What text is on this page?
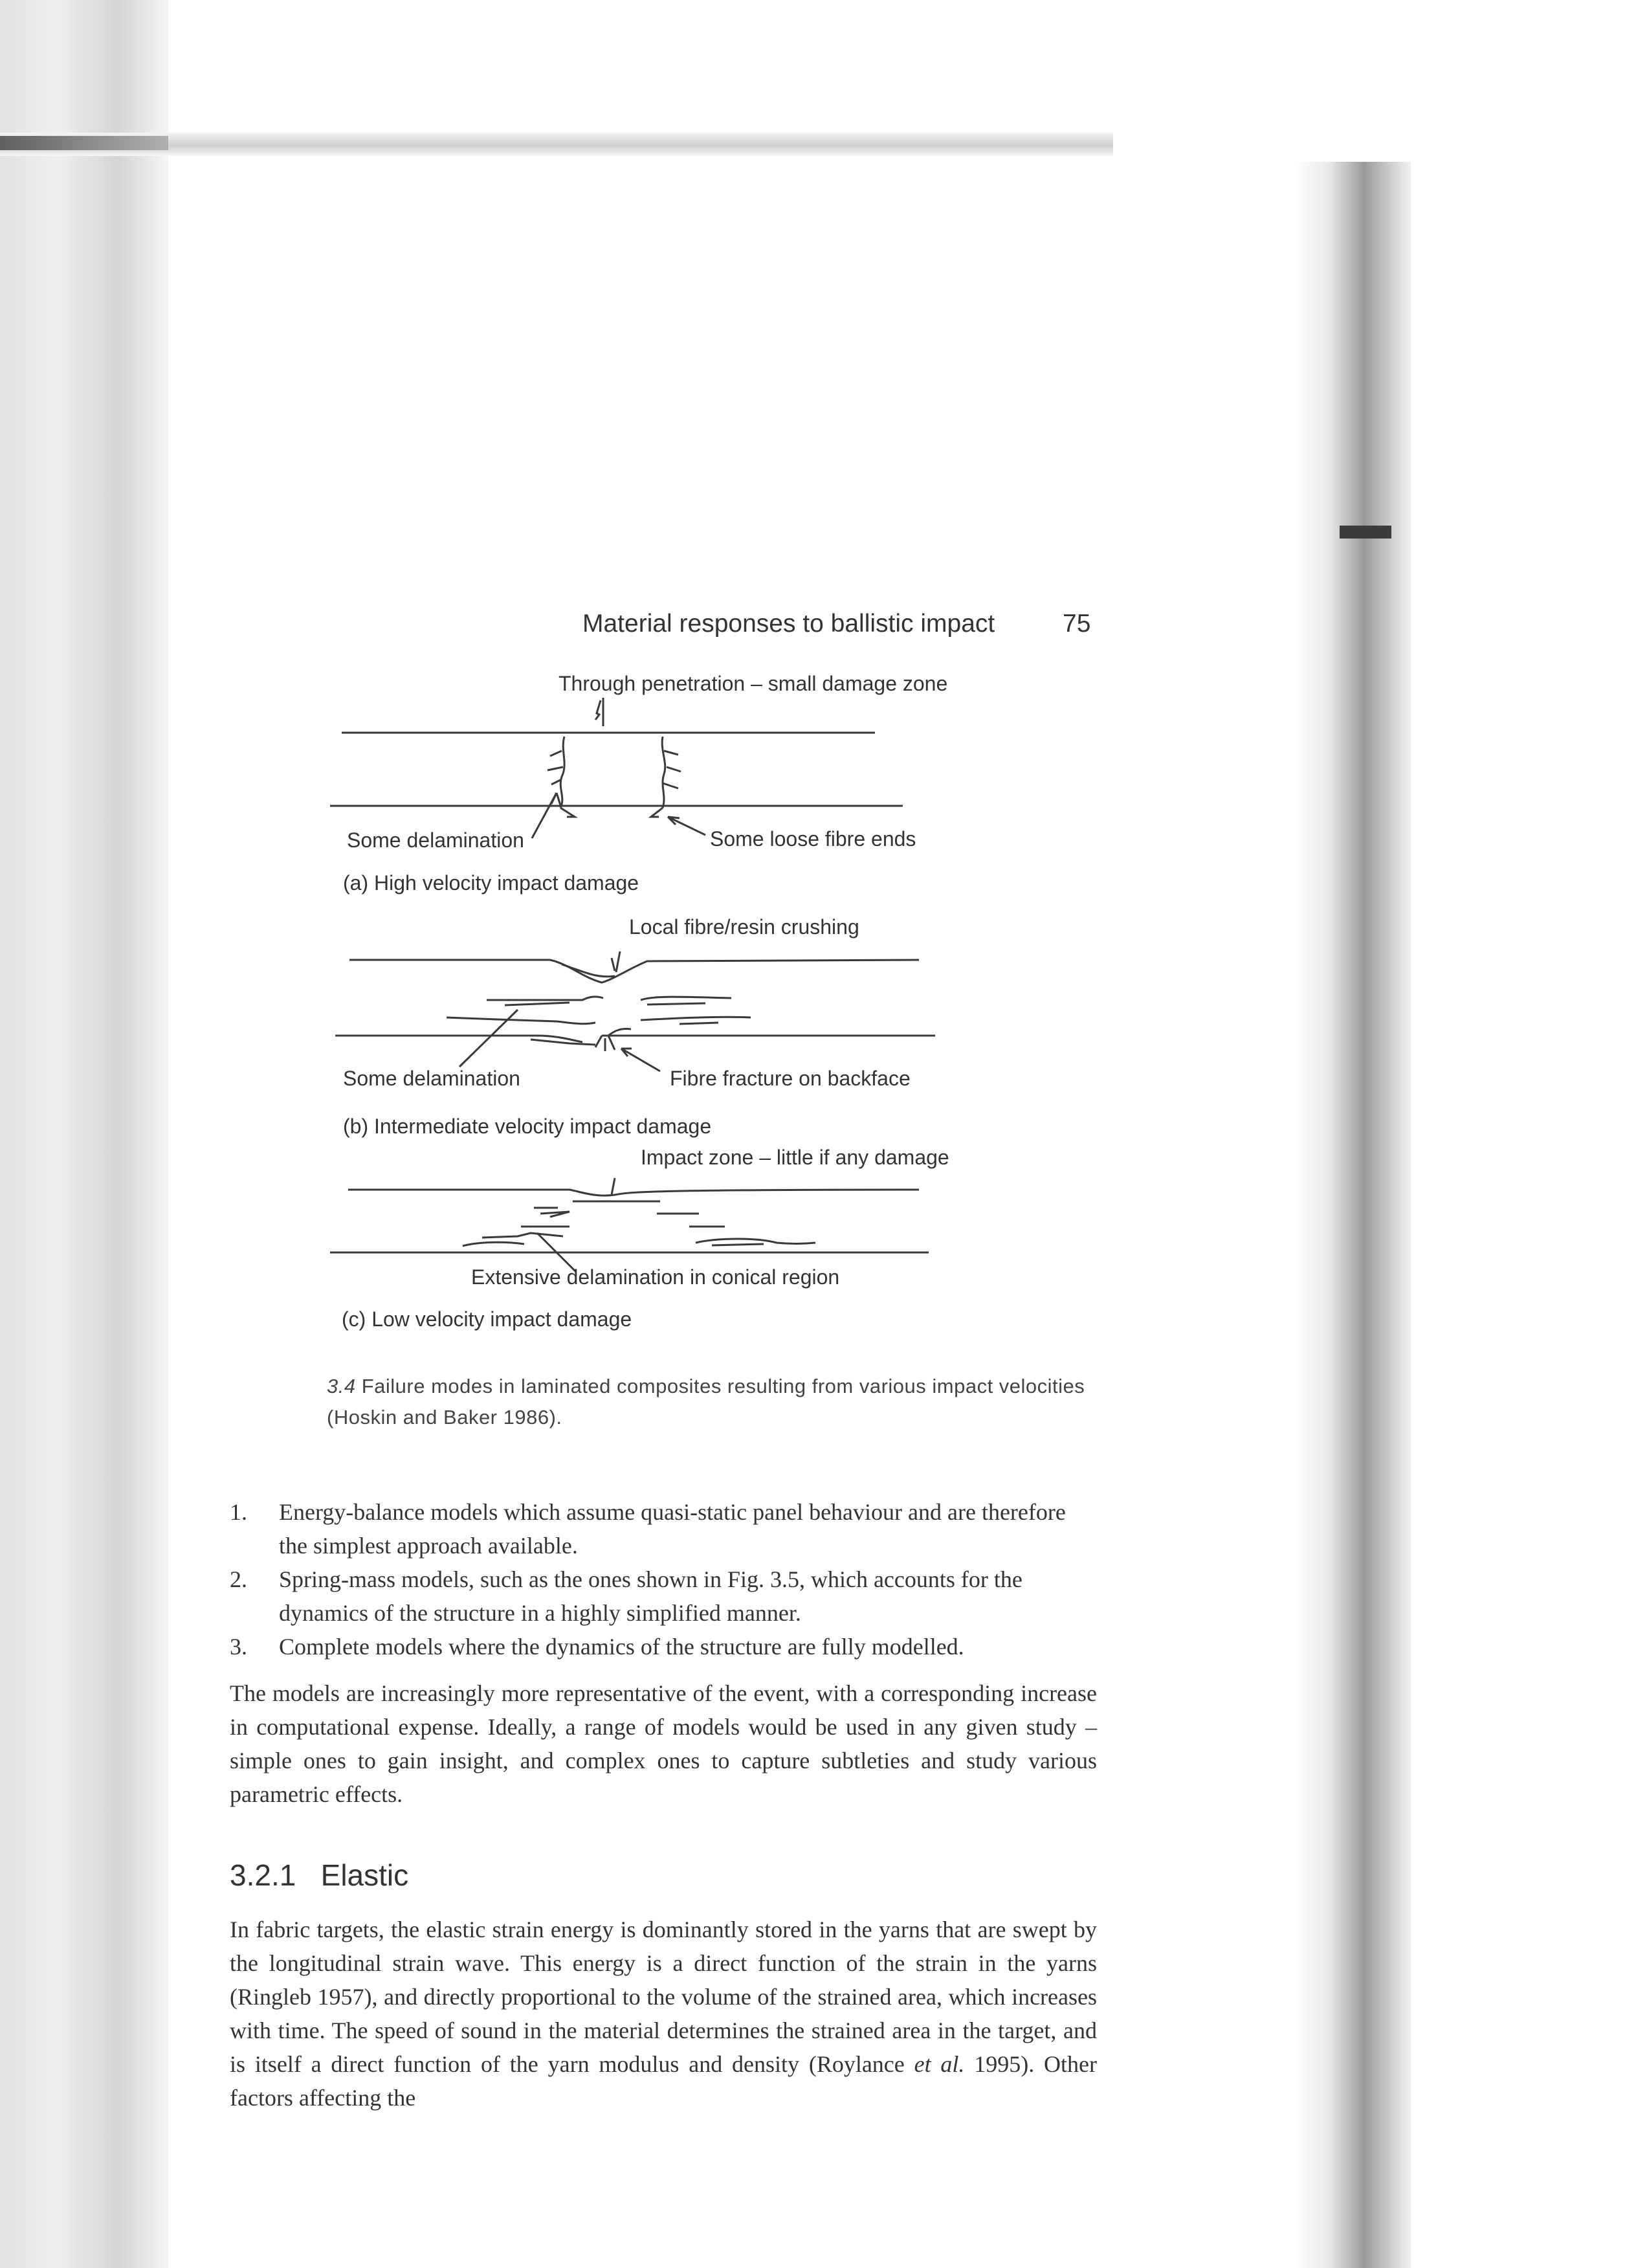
Material responses to ballistic impact	75
Through penetration – small damage zone
Some delamination	Some loose fibre ends
(a) High velocity impact damage
Local fibre/resin crushing
Some delamination	Fibre fracture on backface
(b) Intermediate velocity impact damage
Impact zone – little if any damage
Extensive delamination in conical region
(c) Low velocity impact damage
3.4 Failure modes in laminated composites resulting from various impact velocities (Hoskin and Baker 1986).
1. Energy-balance models which assume quasi-static panel behaviour and are therefore the simplest approach available.
2. Spring-mass models, such as the ones shown in Fig. 3.5, which accounts for the dynamics of the structure in a highly simplified manner.
3. Complete models where the dynamics of the structure are fully modelled.
The models are increasingly more representative of the event, with a corresponding increase in computational expense. Ideally, a range of models would be used in any given study – simple ones to gain insight, and complex ones to capture subtleties and study various parametric effects.
3.2.1 Elastic
In fabric targets, the elastic strain energy is dominantly stored in the yarns that are swept by the longitudinal strain wave. This energy is a direct function of the strain in the yarns (Ringleb 1957), and directly proportional to the volume of the strained area, which increases with time. The speed of sound in the material determines the strained area in the target, and is itself a direct function of the yarn modulus and density (Roylance et al. 1995). Other factors affecting the
